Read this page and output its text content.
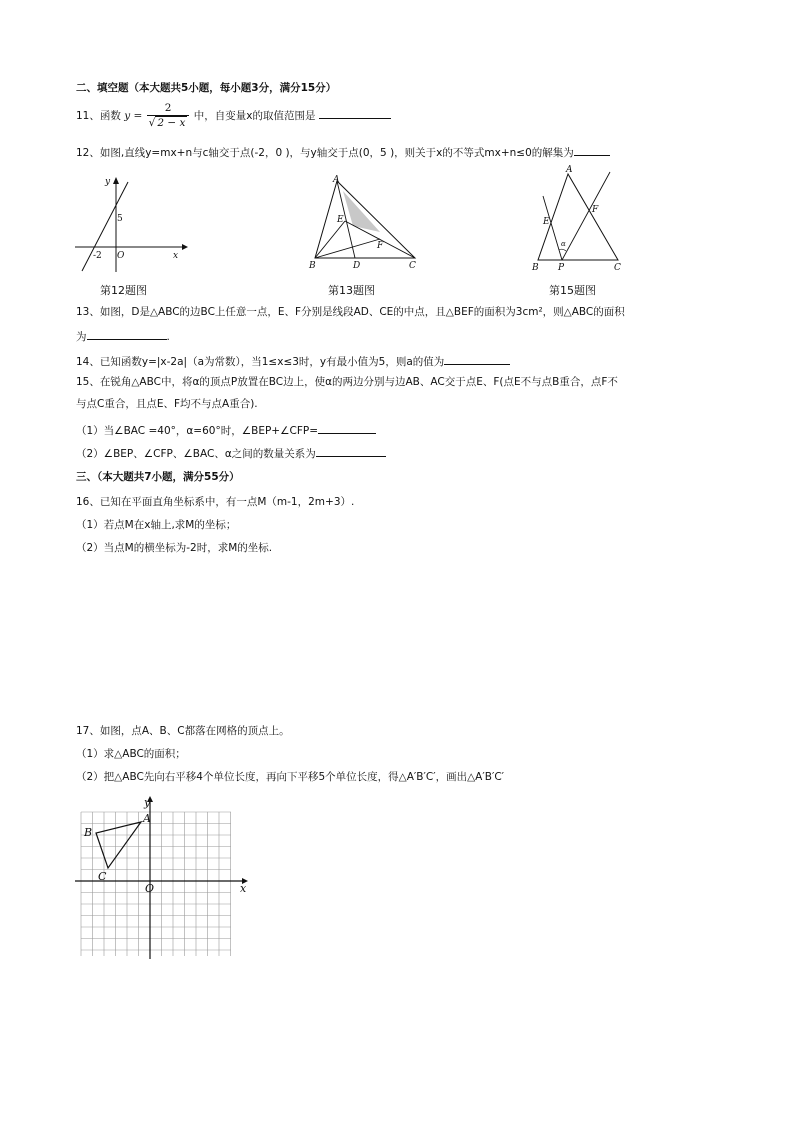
二、填空题（本大题共5小题，每小题3分，满分15分）
11、函数 $y = \frac{2}{√ 2 - x}$ 中，自变量x的取值范围是
12、如图,直线y=mx+n与c轴交于点(-2，0 )，与y轴交于点(0，5 )，则关于x的不等式mx+n≤0的解集为
y
x
5
-2 O
第12题图
A
B	C
D
E
F
第13题图
A
B	C
P
E
F
α
第15题图
13、如图，D是△ABC的边BC上任意一点，E、F分别是线段AD、CE的中点，且△BEF的面积为3cm²，则△ABC的面积
为	.
14、已知函数y=|x-2a|（a为常数），当1≤x≤3时，y有最小值为5，则a的值为
15、在锐角△ABC中，将α的顶点P放置在BC边上，使α的两边分别与边AB、AC交于点E、F(点E不与点B重合，点F不
与点C重合，且点E、F均不与点A重合).
（1）当∠BAC =40°，α=60°时，∠BEP+∠CFP=
（2）∠BEP、∠CFP、∠BAC、α之间的数量关系为
三、（本大题共7小题，满分55分）
16、已知在平面直角坐标系中，有一点M（m-1，2m+3）.
（1）若点M在x轴上,求M的坐标；
（2）当点M的横坐标为-2时，求M的坐标.
17、如图，点A、B、C都落在网格的顶点上。
（1）求△ABC的面积；
（2）把△ABC先向右平移4个单位长度，再向下平移5个单位长度，得△A′B′C′，画出△A′B′C′
y
x
O
A
B
C
